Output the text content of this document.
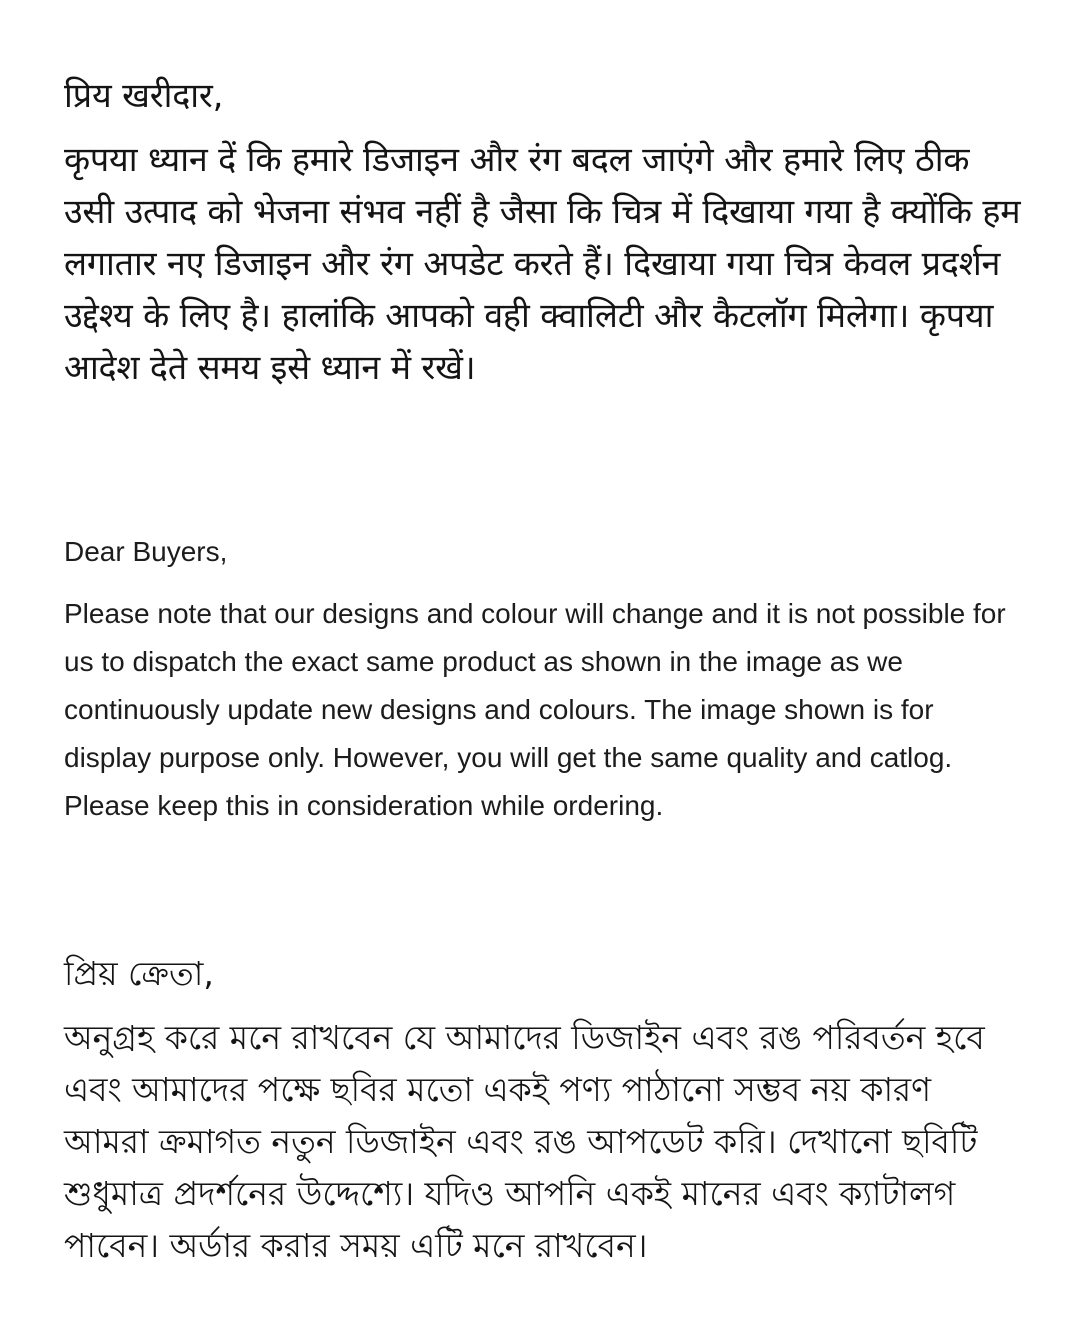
प्रिय खरीदार,

कृपया ध्यान दें कि हमारे डिजाइन और रंग बदल जाएंगे और हमारे लिए ठीक उसी उत्पाद को भेजना संभव नहीं है जैसा कि चित्र में दिखाया गया है क्योंकि हम लगातार नए डिजाइन और रंग अपडेट करते हैं। दिखाया गया चित्र केवल प्रदर्शन उद्देश्य के लिए है। हालांकि आपको वही क्वालिटी और कैटलॉग मिलेगा। कृपया आदेश देते समय इसे ध्यान में रखें।

Dear Buyers,

Please note that our designs and colour will change and it is not possible for us to dispatch the exact same product as shown in the image as we continuously update new designs and colours. The image shown is for display purpose only. However, you will get the same quality and catlog. Please keep this in consideration while ordering.

প্রিয় ক্রেতা,

অনুগ্রহ করে মনে রাখবেন যে আমাদের ডিজাইন এবং রঙ পরিবর্তন হবে এবং আমাদের পক্ষে ছবির মতো একই পণ্য পাঠানো সম্ভব নয় কারণ আমরা ক্রমাগত নতুন ডিজাইন এবং রঙ আপডেট করি। দেখানো ছবিটি শুধুমাত্র প্রদর্শনের উদ্দেশ্যে। যদিও আপনি একই মানের এবং ক্যাটালগ পাবেন। অর্ডার করার সময় এটি মনে রাখবেন।
